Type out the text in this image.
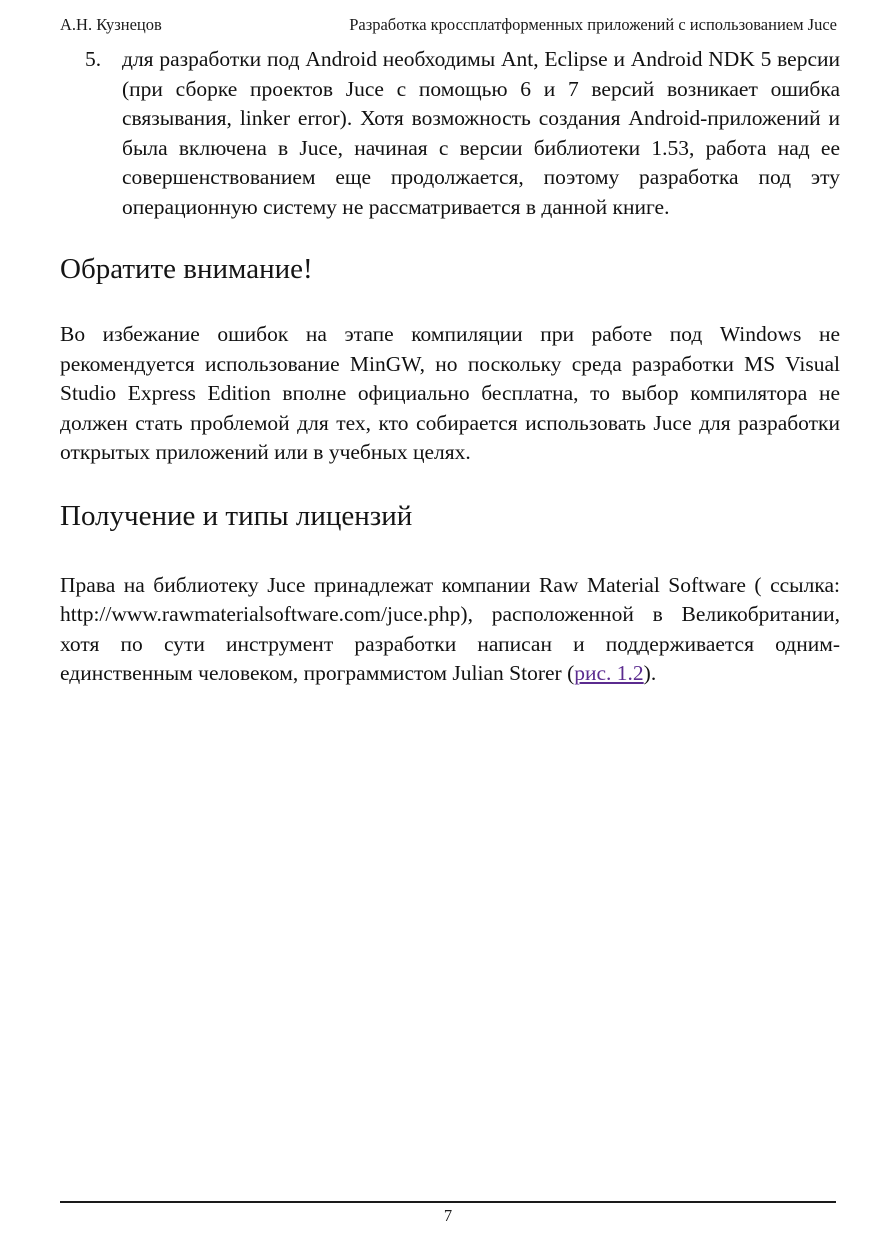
А.Н. Кузнецов	Разработка кроссплатформенных приложений с использованием Juce
5. для разработки под Android необходимы Ant, Eclipse и Android NDK 5 версии (при сборке проектов Juce с помощью 6 и 7 версий возникает ошибка связывания, linker error). Хотя возможность создания Android-приложений и была включена в Juce, начиная с версии библиотеки 1.53, работа над ее совершенствованием еще продолжается, поэтому разработка под эту операционную систему не рассматривается в данной книге.
Обратите внимание!

Во избежание ошибок на этапе компиляции при работе под Windows не рекомендуется использование MinGW, но поскольку среда разработки MS Visual Studio Express Edition вполне официально бесплатна, то выбор компилятора не должен стать проблемой для тех, кто собирается использовать Juce для разработки открытых приложений или в учебных целях.

Получение и типы лицензий

Права на библиотеку Juce принадлежат компании Raw Material Software ( ссылка: http://www.rawmaterialsoftware.com/juce.php), расположенной в Великобритании, хотя по сути инструмент разработки написан и поддерживается одним-единственным человеком, программистом Julian Storer (рис. 1.2).

7
